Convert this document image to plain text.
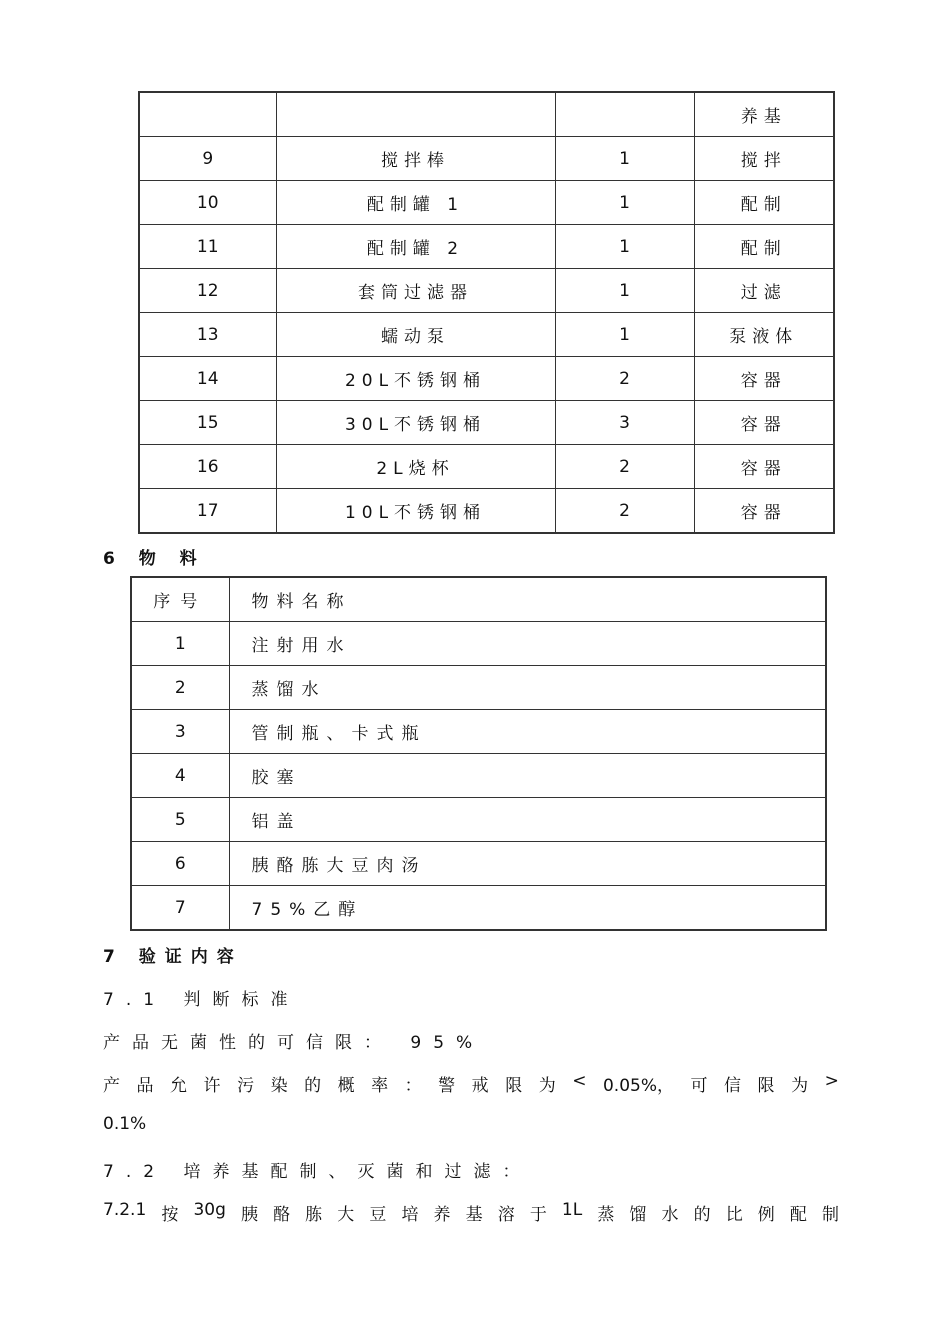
			养基
9	搅拌棒	1	搅拌
10	配制罐 1	1	配制
11	配制罐 2	1	配制
12	套筒过滤器	1	过滤
13	蠕动泵	1	泵液体
14	20L不锈钢桶	2	容器
15	30L不锈钢桶	3	容器
16	2L烧杯	2	容器
17	10L不锈钢桶	2	容器
6 物 料
序号	物料名称
1	注射用水
2	蒸馏水
3	管制瓶、卡式瓶
4	胶塞
5	铝盖
6	胰酪胨大豆肉汤
7	75%乙醇
7 验证内容
7.1 判断标准
产品无菌性的可信限： 95%
产 品 允 许 污 染 的 概 率 ： 警 戒 限 为 < 0.05%， 可 信 限 为 >
0.1%
7.2 培养基配制、灭菌和过滤：
7.2.1 按 30g 胰 酪 胨 大 豆 培 养 基 溶 于 1L 蒸 馏 水 的 比 例 配 制
